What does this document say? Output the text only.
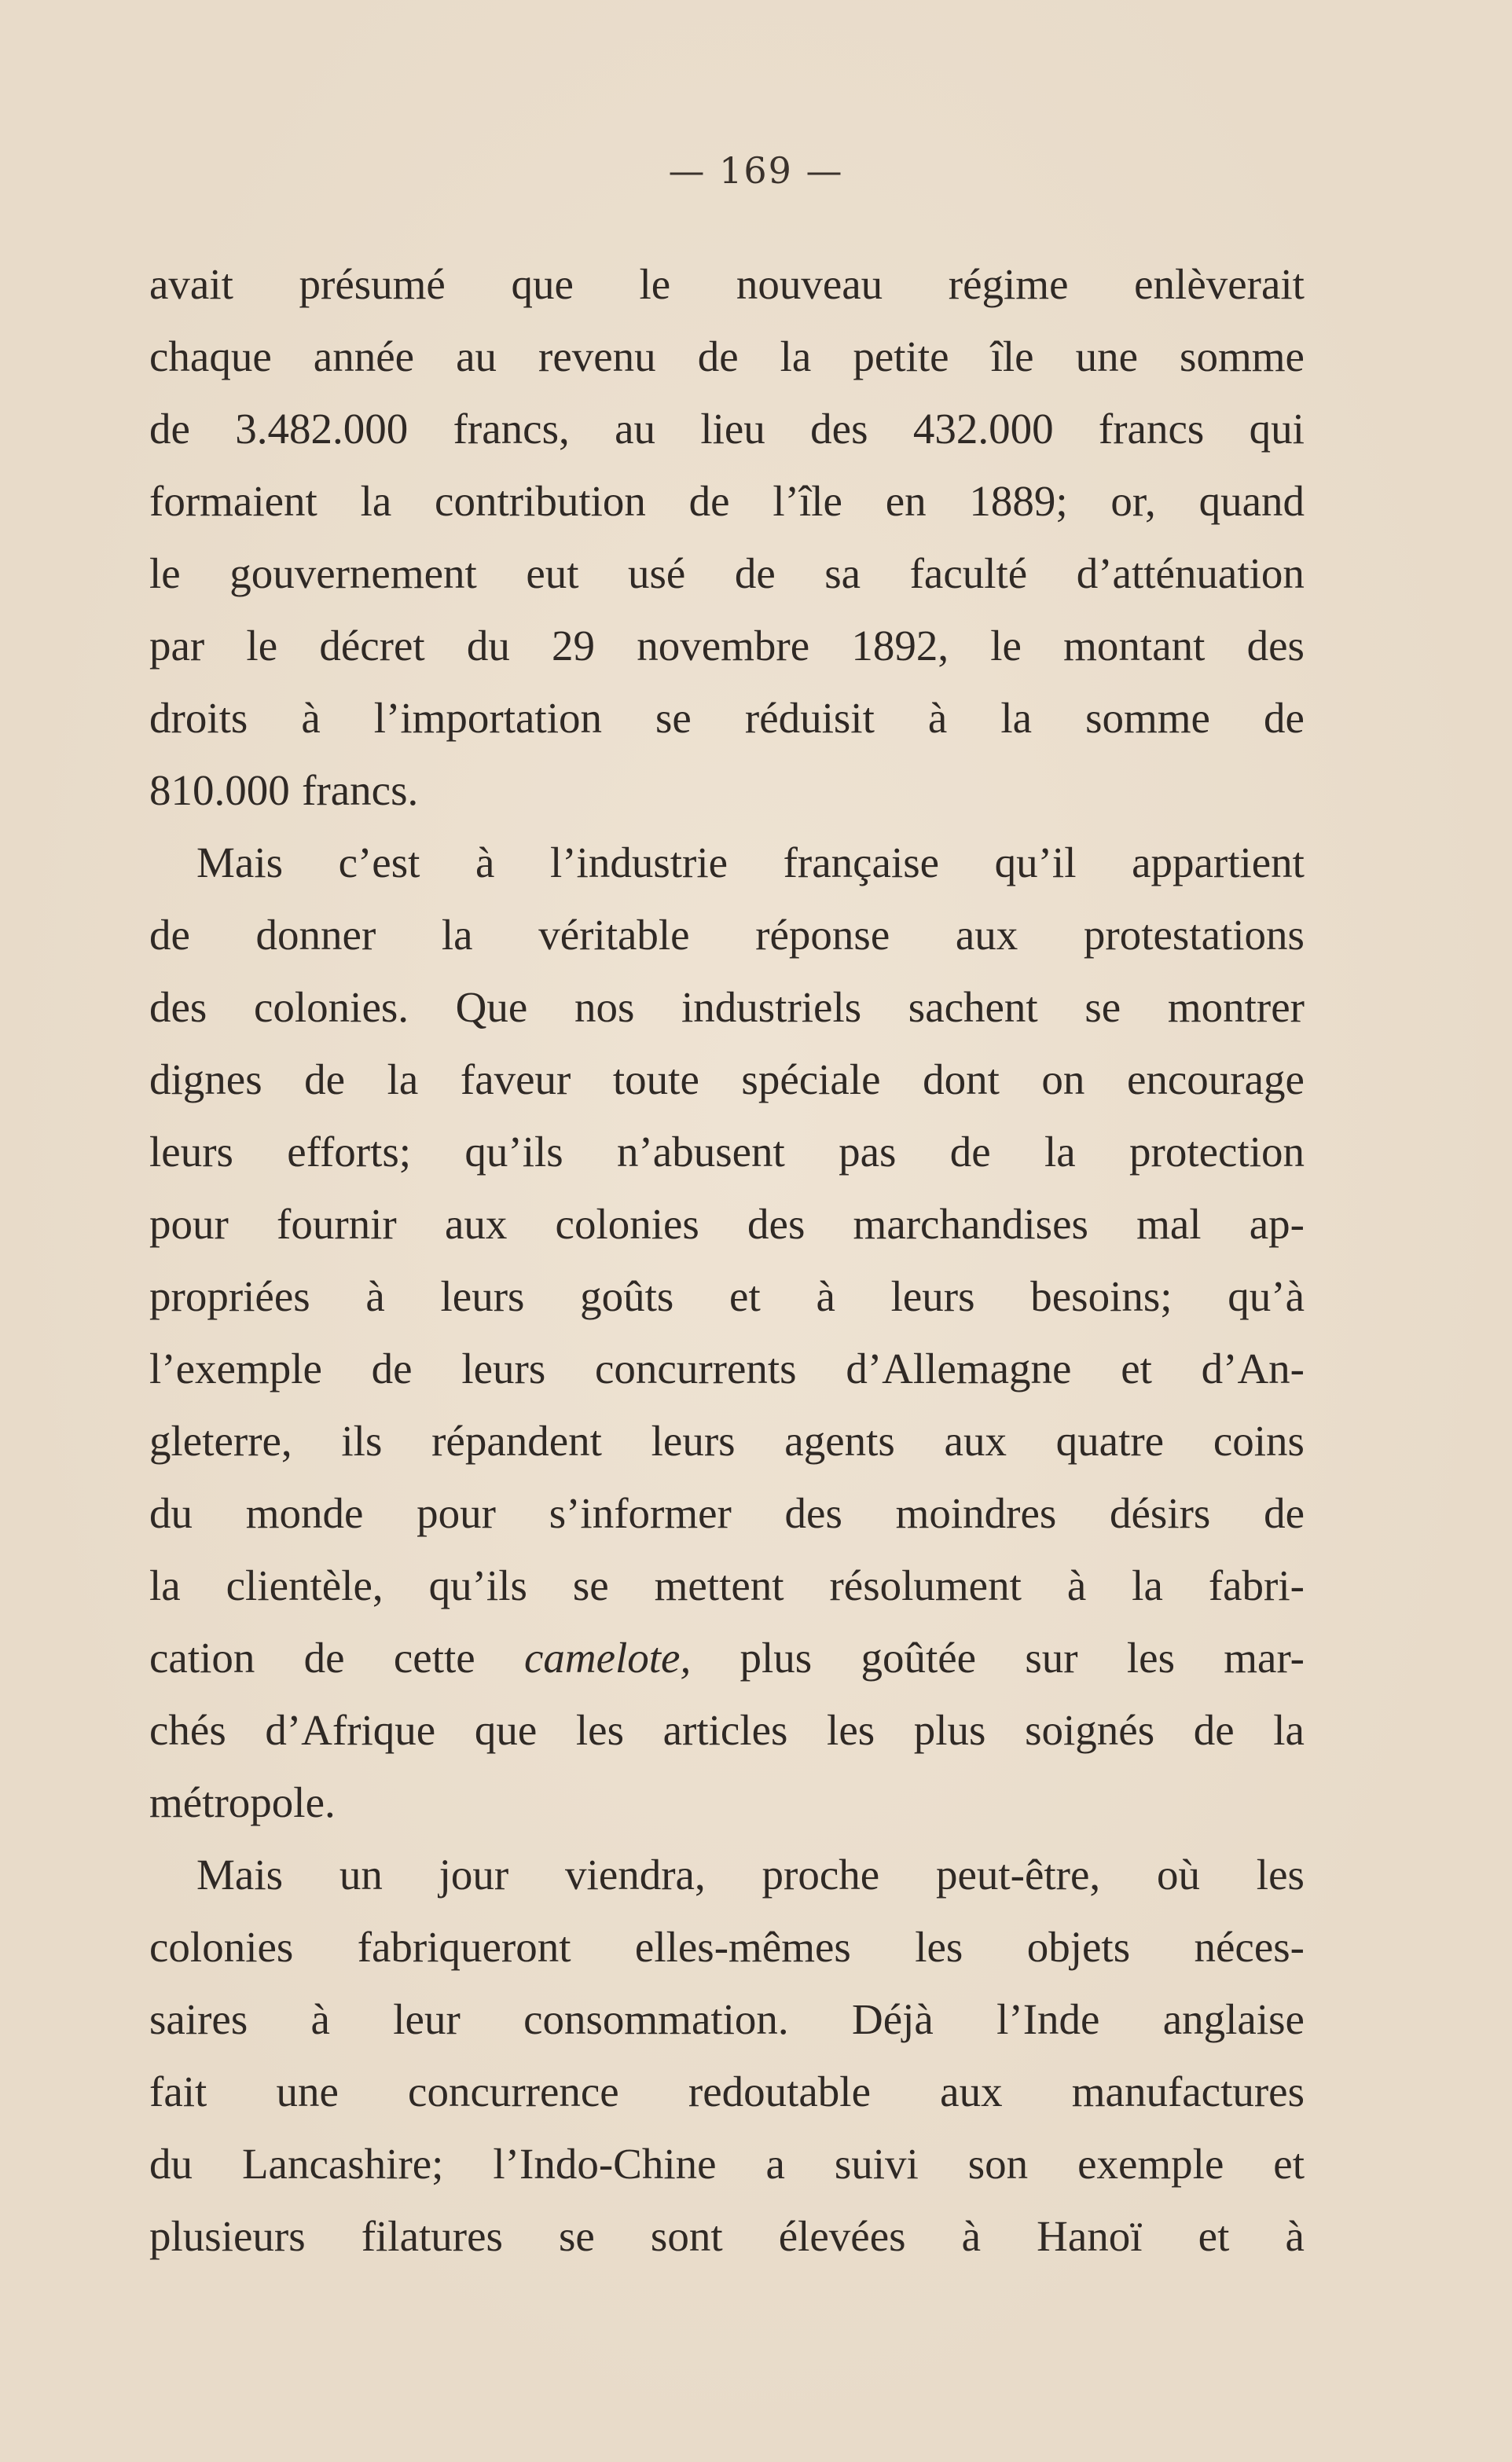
— 169 —
avait présumé que le nouveau régime enlèverait
chaque année au revenu de la petite île une somme
de 3.482.000 francs, au lieu des 432.000 francs qui
formaient la contribution de l’île en 1889; or, quand
le gouvernement eut usé de sa faculté d’atténuation
par le décret du 29 novembre 1892, le montant des
droits à l’importation se réduisit à la somme de
810.000 francs.
Mais c’est à l’industrie française qu’il appartient
de donner la véritable réponse aux protestations
des colonies. Que nos industriels sachent se montrer
dignes de la faveur toute spéciale dont on encourage
leurs efforts; qu’ils n’abusent pas de la protection
pour fournir aux colonies des marchandises mal ap-
propriées à leurs goûts et à leurs besoins; qu’à
l’exemple de leurs concurrents d’Allemagne et d’An-
gleterre, ils répandent leurs agents aux quatre coins
du monde pour s’informer des moindres désirs de
la clientèle, qu’ils se mettent résolument à la fabri-
cation de cette camelote, plus goûtée sur les mar-
chés d’Afrique que les articles les plus soignés de la
métropole.
Mais un jour viendra, proche peut-être, où les
colonies fabriqueront elles-mêmes les objets néces-
saires à leur consommation. Déjà l’Inde anglaise
fait une concurrence redoutable aux manufactures
du Lancashire; l’Indo-Chine a suivi son exemple et
plusieurs filatures se sont élevées à Hanoï et à
